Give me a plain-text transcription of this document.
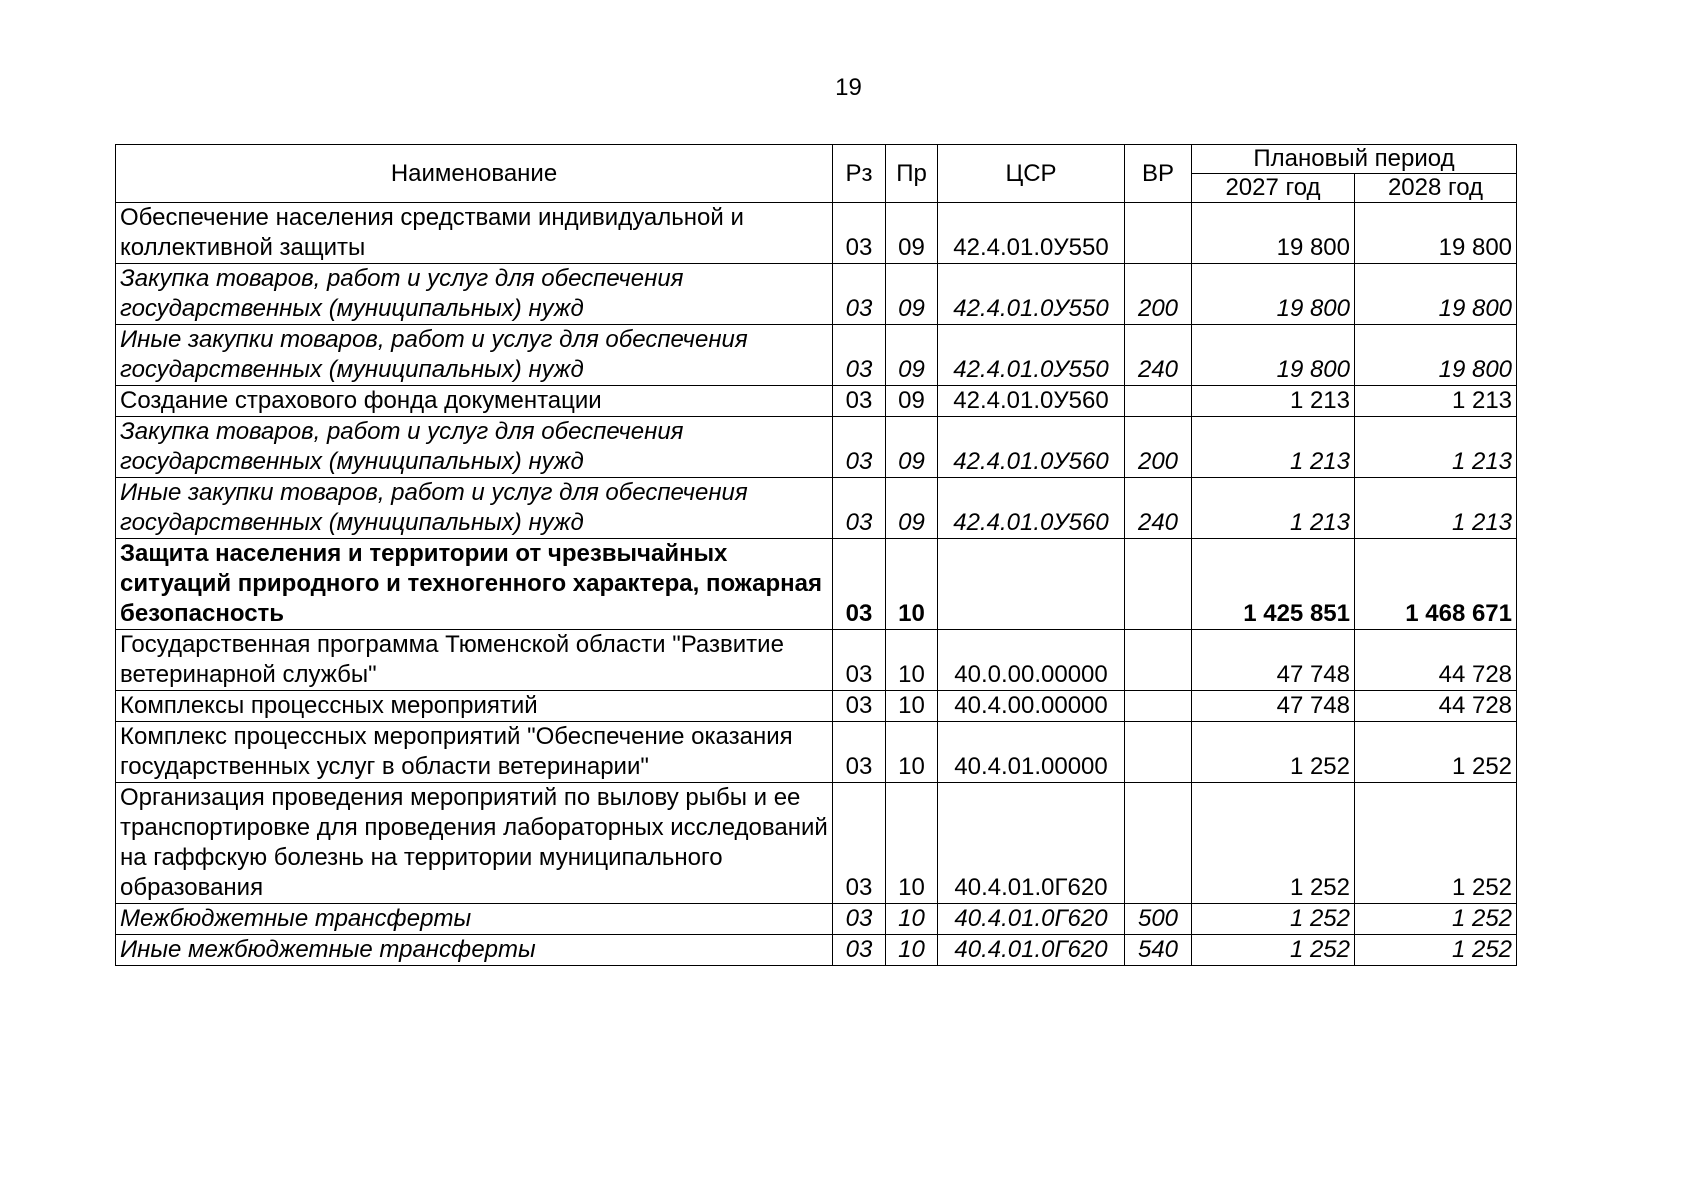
19
Наименование	Рз	Пр	ЦСР	ВР	Плановый период	
					2027 год	2028 год
Обеспечение населения средствами индивидуальной и коллективной защиты	03	09	42.4.01.0У550		19 800	19 800
Закупка товаров, работ и услуг для обеспечения государственных (муниципальных) нужд	03	09	42.4.01.0У550	200	19 800	19 800
Иные закупки товаров, работ и услуг для обеспечения государственных (муниципальных) нужд	03	09	42.4.01.0У550	240	19 800	19 800
Создание страхового фонда документации	03	09	42.4.01.0У560		1 213	1 213
Закупка товаров, работ и услуг для обеспечения государственных (муниципальных) нужд	03	09	42.4.01.0У560	200	1 213	1 213
Иные закупки товаров, работ и услуг для обеспечения государственных (муниципальных) нужд	03	09	42.4.01.0У560	240	1 213	1 213
Защита населения и территории от чрезвычайных ситуаций природного и техногенного характера, пожарная безопасность	03	10			1 425 851	1 468 671
Государственная программа Тюменской области "Развитие ветеринарной службы"	03	10	40.0.00.00000		47 748	44 728
Комплексы процессных мероприятий	03	10	40.4.00.00000		47 748	44 728
Комплекс процессных мероприятий "Обеспечение оказания государственных услуг в области ветеринарии"	03	10	40.4.01.00000		1 252	1 252
Организация проведения мероприятий по вылову рыбы и ее транспортировке для проведения лабораторных исследований на гаффскую болезнь на территории муниципального образования	03	10	40.4.01.0Г620		1 252	1 252
Межбюджетные трансферты	03	10	40.4.01.0Г620	500	1 252	1 252
Иные межбюджетные трансферты	03	10	40.4.01.0Г620	540	1 252	1 252
